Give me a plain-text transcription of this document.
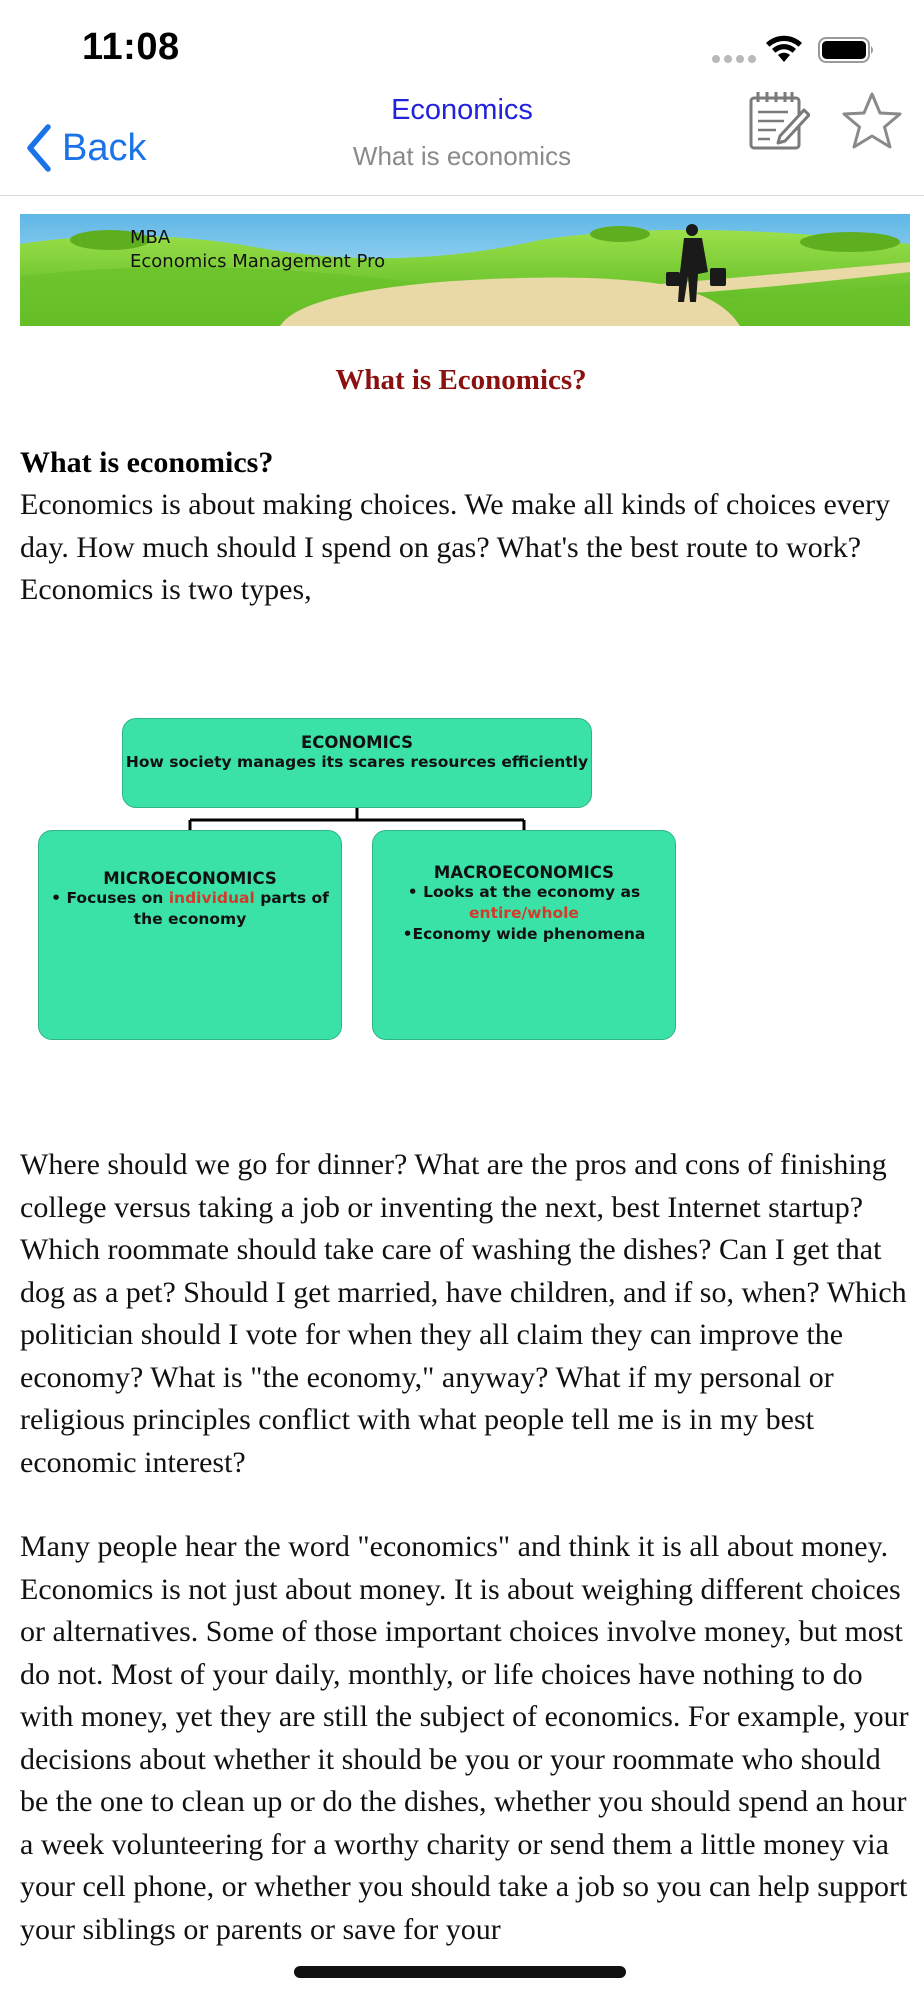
11:08
Back
Economics
What is economics
MBA
Economics Management Pro
What is Economics?
What is economics?

Economics is about making choices. We make all kinds of choices every day. How much should I spend on gas? What's the best route to work? Economics is two types,

ECONOMICS
How society manages its scares resources efficiently
MICROECONOMICS
• Focuses on individual parts of
the economy
MACROECONOMICS
• Looks at the economy as
entire/whole
•Economy wide phenomena

Where should we go for dinner? What are the pros and cons of finishing college versus taking a job or inventing the next, best Internet startup? Which roommate should take care of washing the dishes? Can I get that dog as a pet? Should I get married, have children, and if so, when? Which politician should I vote for when they all claim they can improve the economy? What is "the economy," anyway? What if my personal or religious principles conflict with what people tell me is in my best economic interest?

Many people hear the word "economics" and think it is all about money. Economics is not just about money. It is about weighing different choices or alternatives. Some of those important choices involve money, but most do not. Most of your daily, monthly, or life choices have nothing to do with money, yet they are still the subject of economics. For example, your decisions about whether it should be you or your roommate who should be the one to clean up or do the dishes, whether you should spend an hour a week volunteering for a worthy charity or send them a little money via your cell phone, or whether you should take a job so you can help support your siblings or parents or save for your
